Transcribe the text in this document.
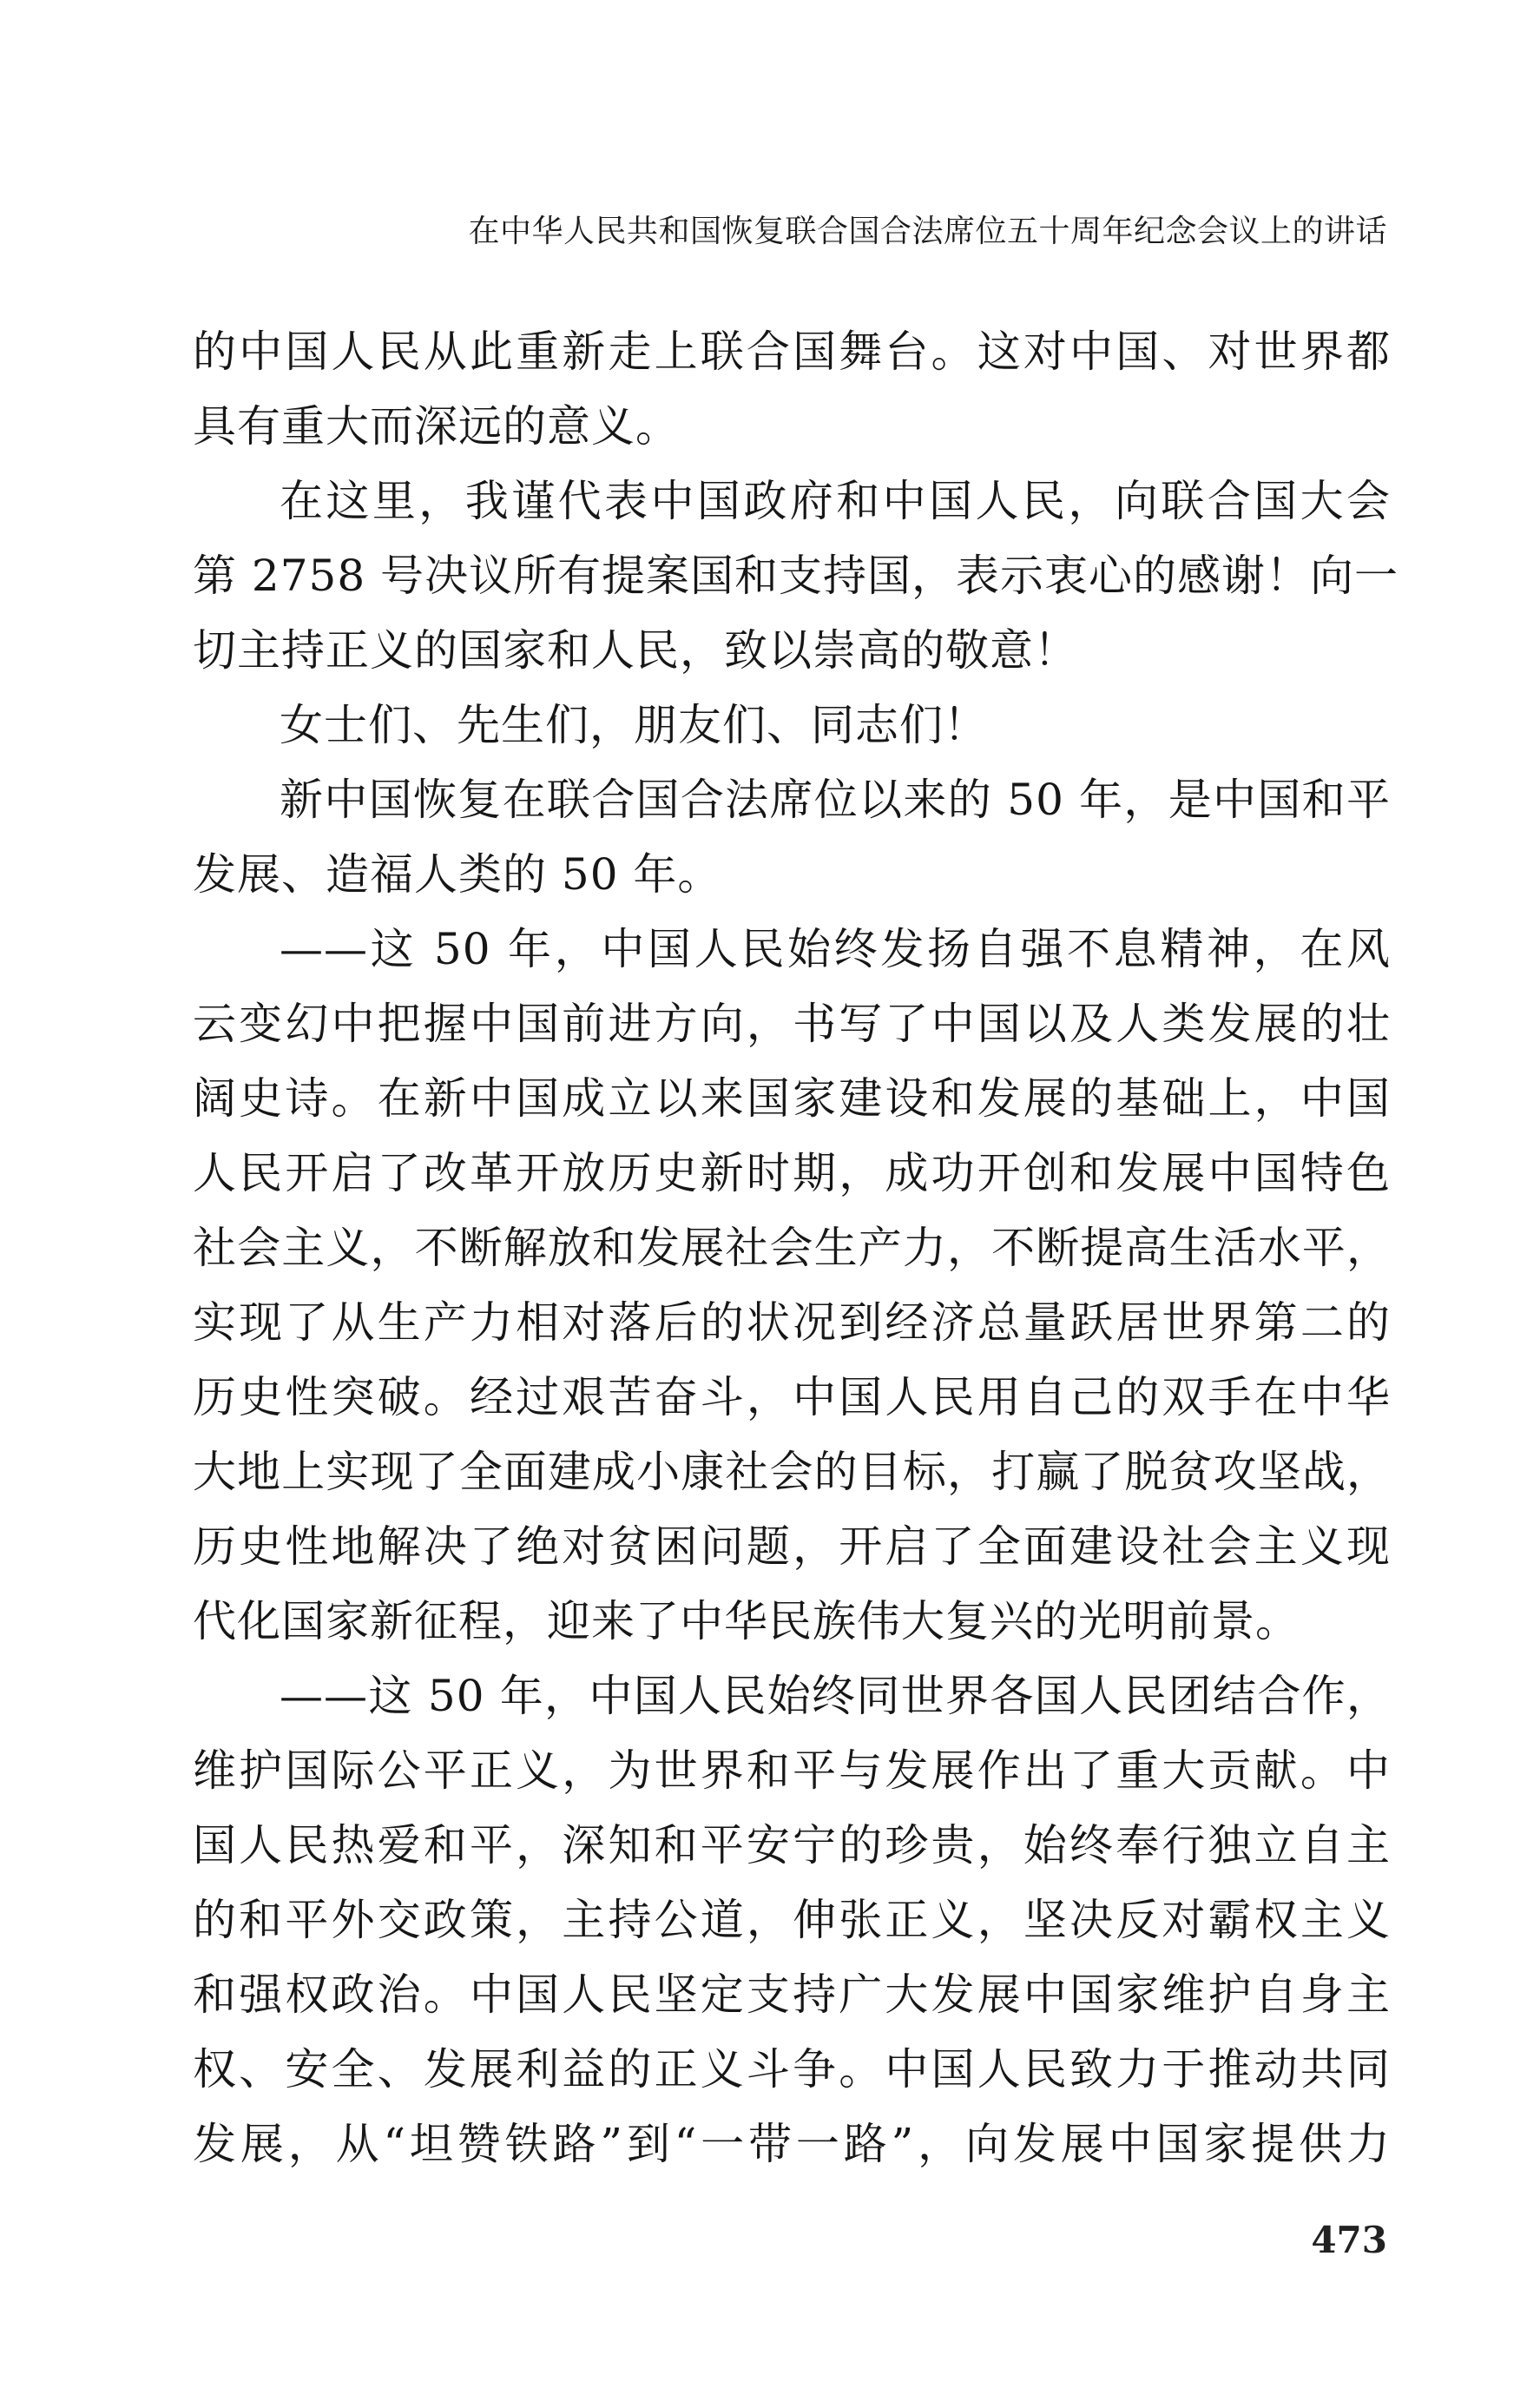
在中华人民共和国恢复联合国合法席位五十周年纪念会议上的讲话
的中国人民从此重新走上联合国舞台。这对中国、对世界都
具有重大而深远的意义。
在这里，我谨代表中国政府和中国人民，向联合国大会
第 2758 号决议所有提案国和支持国，表示衷心的感谢！向一
切主持正义的国家和人民，致以崇高的敬意！
女士们、先生们，朋友们、同志们！
新中国恢复在联合国合法席位以来的 50 年，是中国和平
发展、造福人类的 50 年。
——这 50 年，中国人民始终发扬自强不息精神，在风
云变幻中把握中国前进方向，书写了中国以及人类发展的壮
阔史诗。在新中国成立以来国家建设和发展的基础上，中国
人民开启了改革开放历史新时期，成功开创和发展中国特色
社会主义，不断解放和发展社会生产力，不断提高生活水平，
实现了从生产力相对落后的状况到经济总量跃居世界第二的
历史性突破。经过艰苦奋斗，中国人民用自己的双手在中华
大地上实现了全面建成小康社会的目标，打赢了脱贫攻坚战，
历史性地解决了绝对贫困问题，开启了全面建设社会主义现
代化国家新征程，迎来了中华民族伟大复兴的光明前景。
——这 50 年，中国人民始终同世界各国人民团结合作，
维护国际公平正义，为世界和平与发展作出了重大贡献。中
国人民热爱和平，深知和平安宁的珍贵，始终奉行独立自主
的和平外交政策，主持公道，伸张正义，坚决反对霸权主义
和强权政治。中国人民坚定支持广大发展中国家维护自身主
权、安全、发展利益的正义斗争。中国人民致力于推动共同
发展，从“坦赞铁路”到“一带一路”，向发展中国家提供力
473
